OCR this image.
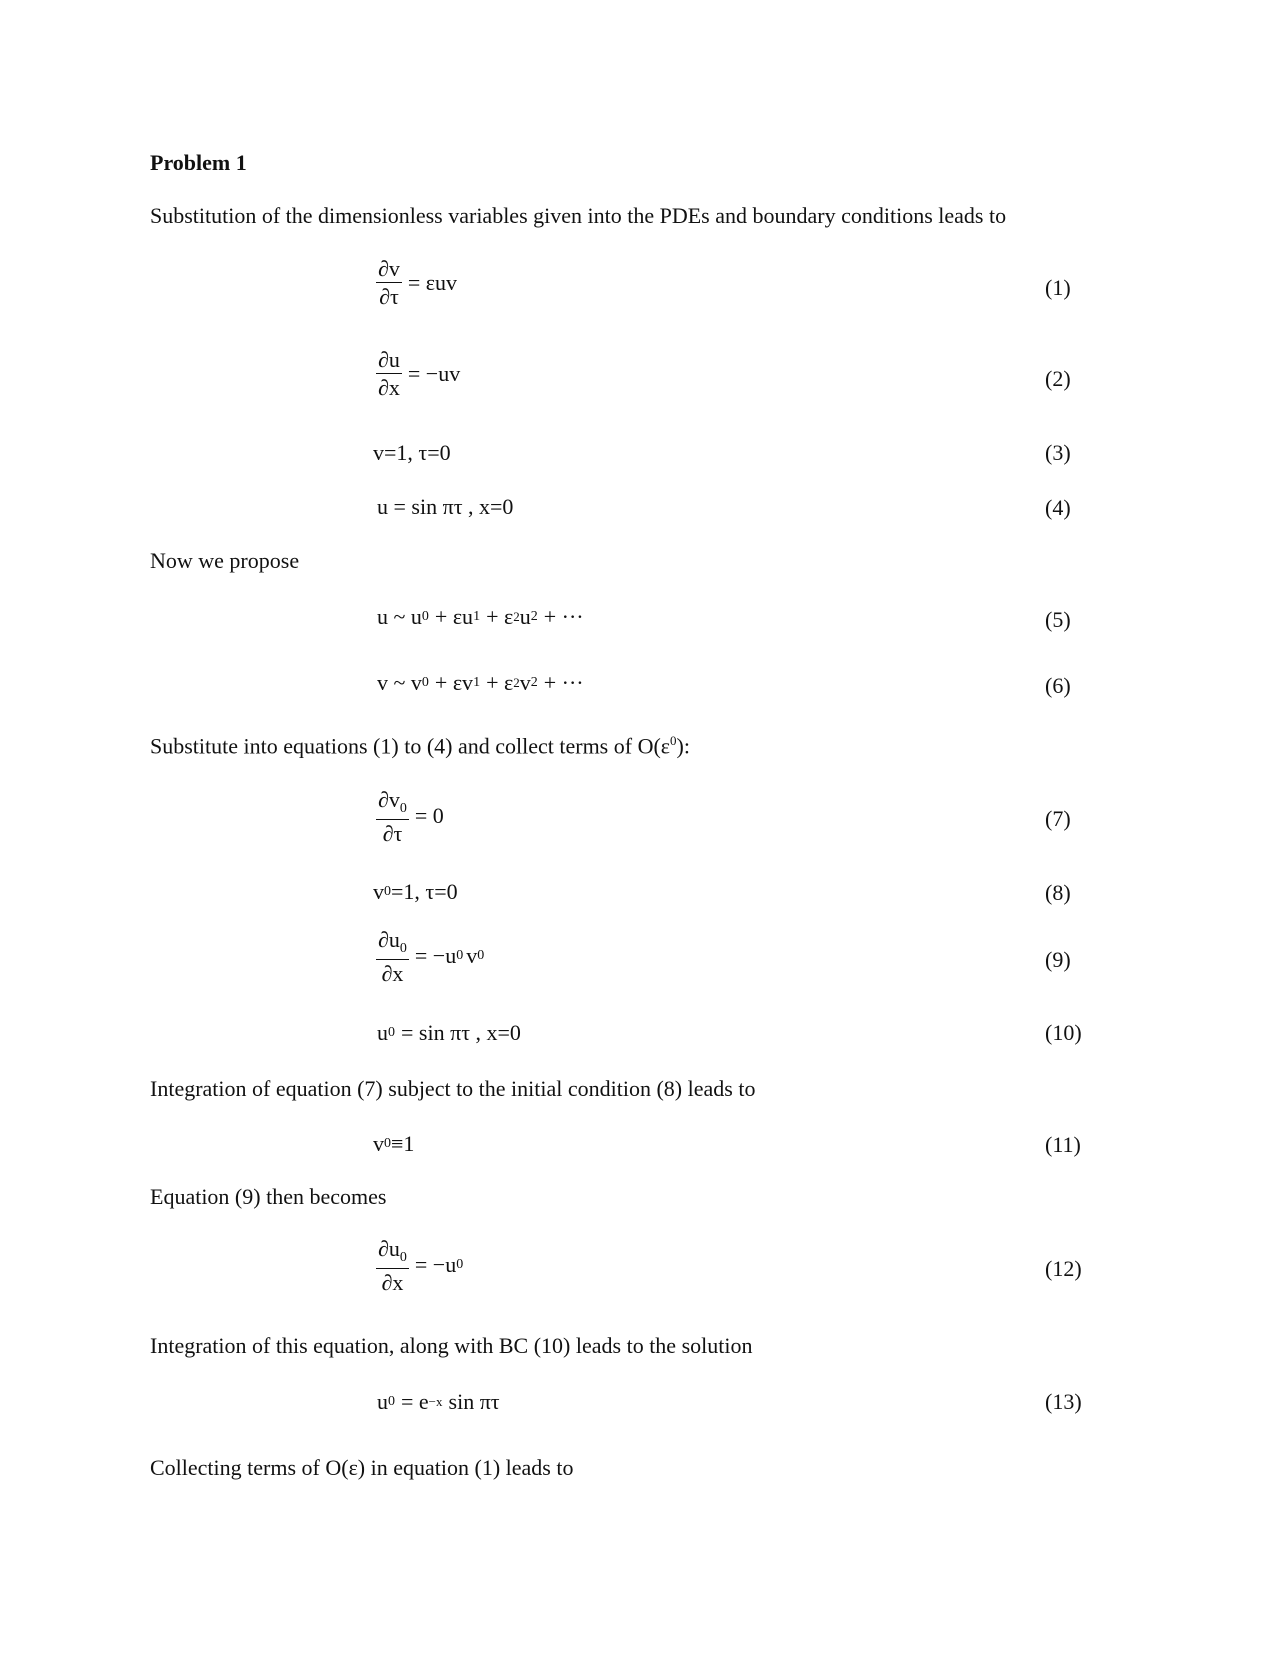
Problem 1
Substitution of the dimensionless variables given into the PDEs and boundary conditions leads to
$\frac{\partial v}{\partial\tau} = \varepsilon uv$	(1)
$\frac{\partial u}{\partial x} = -uv$	(2)
v=1, τ=0	(3)
u = sin πτ , x=0	(4)
Now we propose
u ~ u 0 + εu 1 + ε 2 u 2 + ···	(5)
v ~ v 0 + εv 1 + ε 2 v 2 + ···	(6)
Substitute into equations (1) to (4) and collect terms of $O(\varepsilon^0)$:
$\frac{\partial v_0}{\partial\tau} = 0$	(7)
v 0 =1, τ=0	(8)
$\frac{\partial u_0}{\partial x} = -u$ 0 v 0	(9)
u 0 = sin πτ , x=0	(10)
Integration of equation (7) subject to the initial condition (8) leads to
v 0 ≡1	(11)
Equation (9) then becomes
$\frac{\partial u_0}{\partial x} = -u$ 0	(12)
Integration of this equation, along with BC (10) leads to the solution
u 0 = e −x sin πτ	(13)
Collecting terms of O(ε) in equation (1) leads to
